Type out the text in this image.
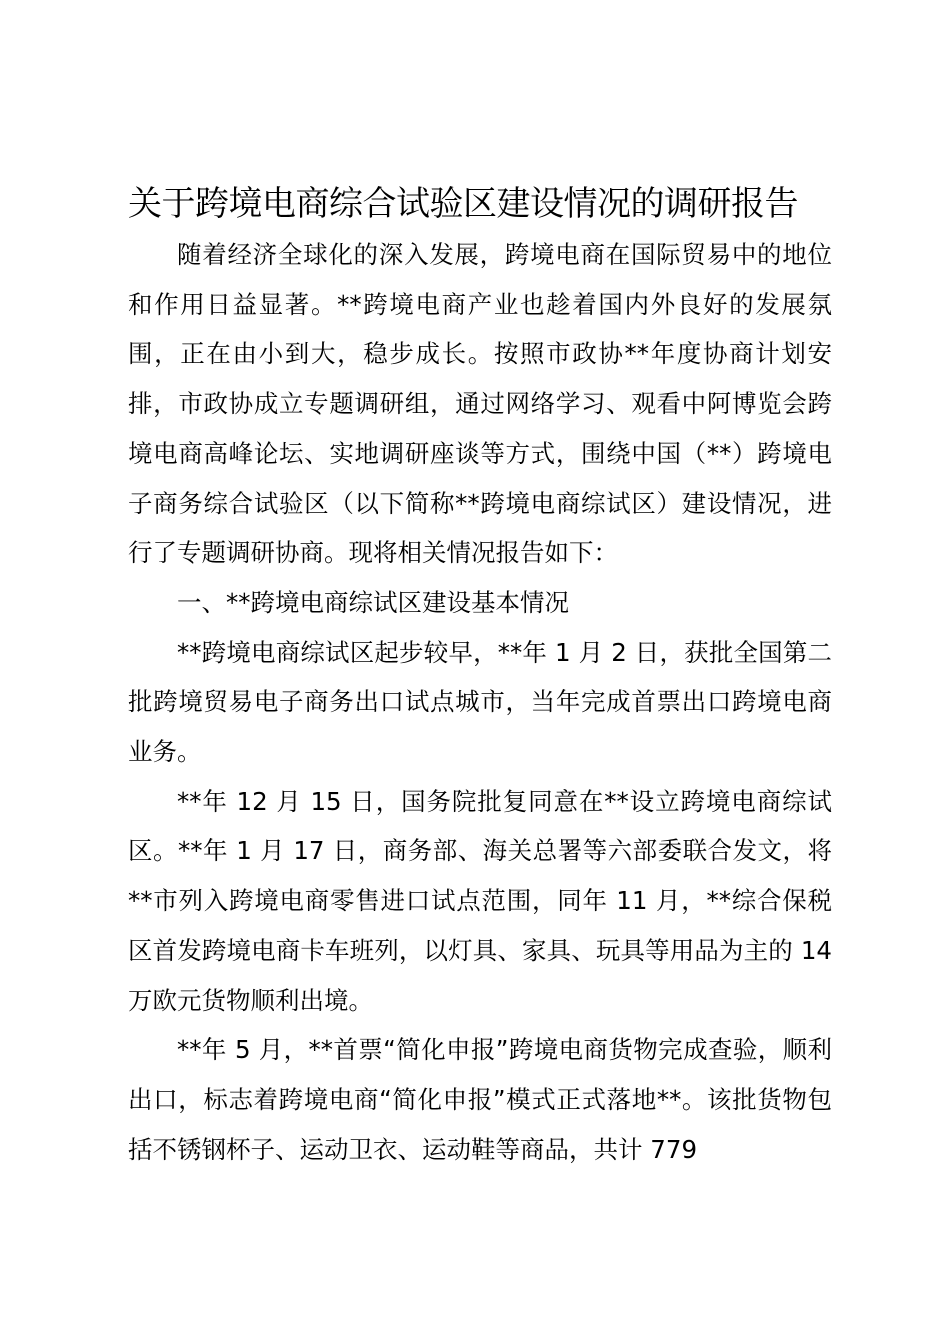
关于跨境电商综合试验区建设情况的调研报告

随着经济全球化的深入发展，跨境电商在国际贸易中的地位和作用日益显著。**跨境电商产业也趁着国内外良好的发展氛围，正在由小到大，稳步成长。按照市政协**年度协商计划安排，市政协成立专题调研组，通过网络学习、观看中阿博览会跨境电商高峰论坛、实地调研座谈等方式，围绕中国（**）跨境电子商务综合试验区（以下简称**跨境电商综试区）建设情况，进行了专题调研协商。现将相关情况报告如下：

一、**跨境电商综试区建设基本情况

**跨境电商综试区起步较早，**年 1 月 2 日，获批全国第二批跨境贸易电子商务出口试点城市，当年完成首票出口跨境电商业务。

**年 12 月 15 日，国务院批复同意在**设立跨境电商综试区。**年 1 月 17 日，商务部、海关总署等六部委联合发文，将**市列入跨境电商零售进口试点范围，同年 11 月，**综合保税区首发跨境电商卡车班列，以灯具、家具、玩具等用品为主的 14 万欧元货物顺利出境。

**年 5 月，**首票“简化申报”跨境电商货物完成查验，顺利出口，标志着跨境电商“简化申报”模式正式落地**。该批货物包括不锈钢杯子、运动卫衣、运动鞋等商品，共计 779
